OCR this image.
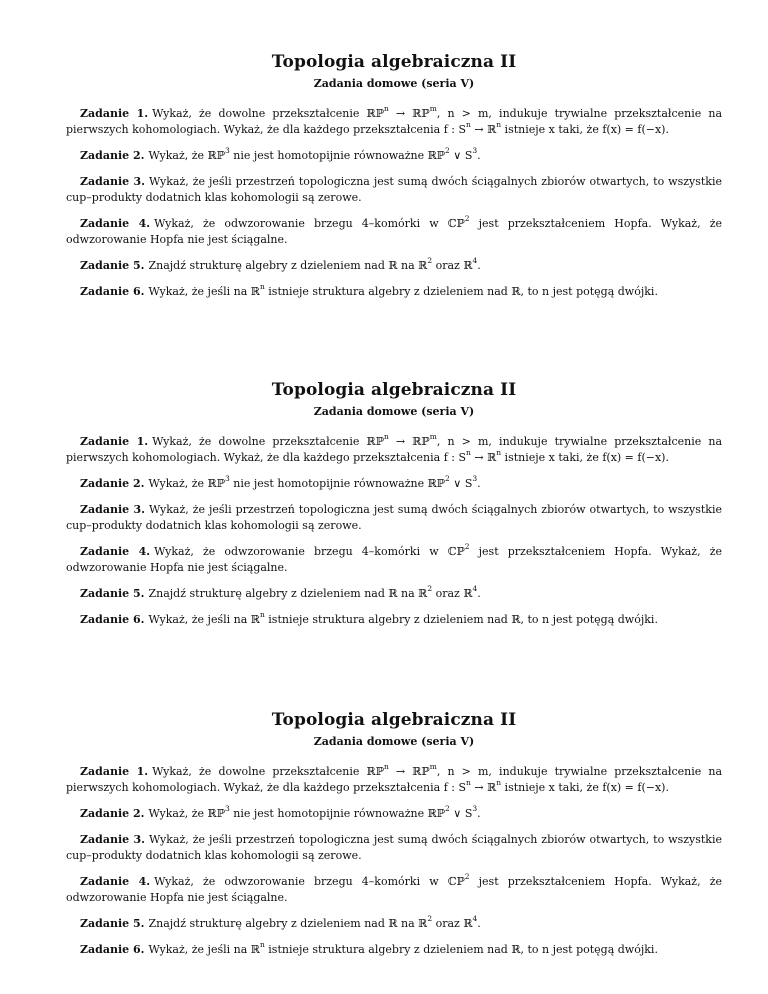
Topologia algebraiczna II
Zadania domowe (seria V)

Zadanie 1. Wykaż, że dowolne przekształcenie ℝℙ$^n$ → ℝℙ$^m$, n > m, indukuje trywialne przekształcenie na pierwszych kohomologiach. Wykaż, że dla każdego przekształcenia f : $S^n$ → ℝ$^n$ istnieje x taki, że f(x) = f(−x).

Zadanie 2. Wykaż, że ℝℙ$^3$ nie jest homotopijnie równoważne ℝℙ$^2$ ∨ $S^3$.

Zadanie 3. Wykaż, że jeśli przestrzeń topologiczna jest sumą dwóch ściągalnych zbiorów otwartych, to wszystkie cup–produkty dodatnich klas kohomologii są zerowe.

Zadanie 4. Wykaż, że odwzorowanie brzegu 4–komórki w ℂℙ$^2$ jest przekształceniem Hopfa. Wykaż, że odwzorowanie Hopfa nie jest ściągalne.

Zadanie 5. Znajdź strukturę algebry z dzieleniem nad ℝ na ℝ$^2$ oraz ℝ$^4$.

Zadanie 6. Wykaż, że jeśli na ℝ$^n$ istnieje struktura algebry z dzieleniem nad ℝ, to n jest potęgą dwójki.

Topologia algebraiczna II
Zadania domowe (seria V)

Zadanie 1. Wykaż, że dowolne przekształcenie ℝℙ$^n$ → ℝℙ$^m$, n > m, indukuje trywialne przekształcenie na pierwszych kohomologiach. Wykaż, że dla każdego przekształcenia f : $S^n$ → ℝ$^n$ istnieje x taki, że f(x) = f(−x).

Zadanie 2. Wykaż, że ℝℙ$^3$ nie jest homotopijnie równoważne ℝℙ$^2$ ∨ $S^3$.

Zadanie 3. Wykaż, że jeśli przestrzeń topologiczna jest sumą dwóch ściągalnych zbiorów otwartych, to wszystkie cup–produkty dodatnich klas kohomologii są zerowe.

Zadanie 4. Wykaż, że odwzorowanie brzegu 4–komórki w ℂℙ$^2$ jest przekształceniem Hopfa. Wykaż, że odwzorowanie Hopfa nie jest ściągalne.

Zadanie 5. Znajdź strukturę algebry z dzieleniem nad ℝ na ℝ$^2$ oraz ℝ$^4$.

Zadanie 6. Wykaż, że jeśli na ℝ$^n$ istnieje struktura algebry z dzieleniem nad ℝ, to n jest potęgą dwójki.

Topologia algebraiczna II
Zadania domowe (seria V)

Zadanie 1. Wykaż, że dowolne przekształcenie ℝℙ$^n$ → ℝℙ$^m$, n > m, indukuje trywialne przekształcenie na pierwszych kohomologiach. Wykaż, że dla każdego przekształcenia f : $S^n$ → ℝ$^n$ istnieje x taki, że f(x) = f(−x).

Zadanie 2. Wykaż, że ℝℙ$^3$ nie jest homotopijnie równoważne ℝℙ$^2$ ∨ $S^3$.

Zadanie 3. Wykaż, że jeśli przestrzeń topologiczna jest sumą dwóch ściągalnych zbiorów otwartych, to wszystkie cup–produkty dodatnich klas kohomologii są zerowe.

Zadanie 4. Wykaż, że odwzorowanie brzegu 4–komórki w ℂℙ$^2$ jest przekształceniem Hopfa. Wykaż, że odwzorowanie Hopfa nie jest ściągalne.

Zadanie 5. Znajdź strukturę algebry z dzieleniem nad ℝ na ℝ$^2$ oraz ℝ$^4$.

Zadanie 6. Wykaż, że jeśli na ℝ$^n$ istnieje struktura algebry z dzieleniem nad ℝ, to n jest potęgą dwójki.
